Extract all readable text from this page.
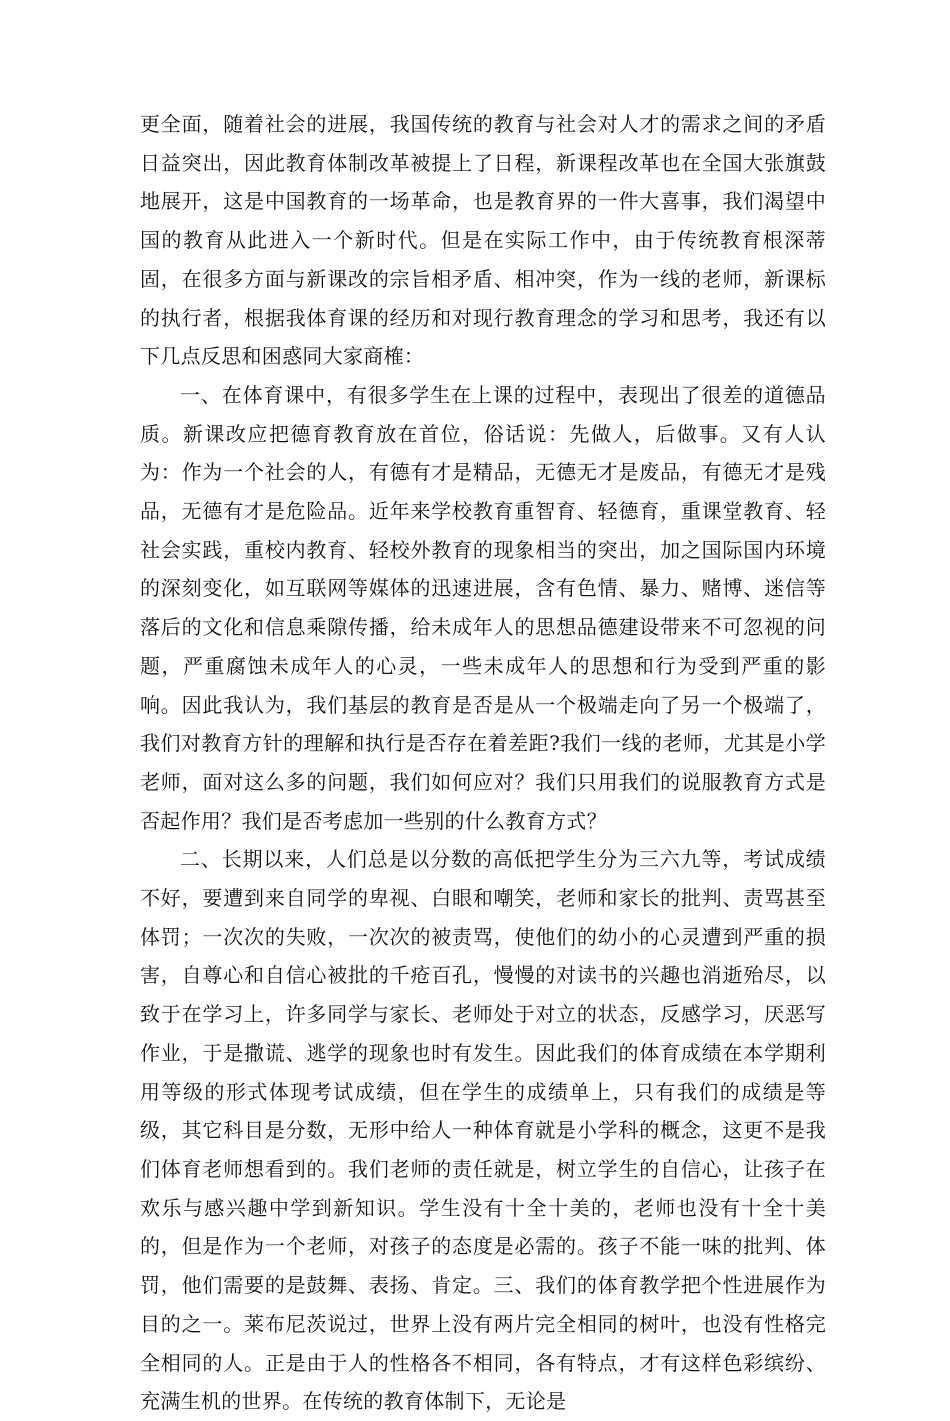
更全面，随着社会的进展，我国传统的教育与社会对人才的需求之间的矛盾日益突出，因此教育体制改革被提上了日程，新课程改革也在全国大张旗鼓地展开，这是中国教育的一场革命，也是教育界的一件大喜事，我们渴望中国的教育从此进入一个新时代。但是在实际工作中，由于传统教育根深蒂固，在很多方面与新课改的宗旨相矛盾、相冲突，作为一线的老师，新课标的执行者，根据我体育课的经历和对现行教育理念的学习和思考，我还有以下几点反思和困惑同大家商榷：

一、在体育课中，有很多学生在上课的过程中，表现出了很差的道德品质。新课改应把德育教育放在首位，俗话说：先做人，后做事。又有人认为：作为一个社会的人，有德有才是精品，无德无才是废品，有德无才是残品，无德有才是危险品。近年来学校教育重智育、轻德育，重课堂教育、轻社会实践，重校内教育、轻校外教育的现象相当的突出，加之国际国内环境的深刻变化，如互联网等媒体的迅速进展，含有色情、暴力、赌博、迷信等落后的文化和信息乘隙传播，给未成年人的思想品德建设带来不可忽视的问题，严重腐蚀未成年人的心灵，一些未成年人的思想和行为受到严重的影响。因此我认为，我们基层的教育是否是从一个极端走向了另一个极端了，我们对教育方针的理解和执行是否存在着差距?我们一线的老师，尤其是小学老师，面对这么多的问题，我们如何应对？我们只用我们的说服教育方式是否起作用？我们是否考虑加一些别的什么教育方式？

二、长期以来，人们总是以分数的高低把学生分为三六九等，考试成绩不好，要遭到来自同学的卑视、白眼和嘲笑，老师和家长的批判、责骂甚至体罚；一次次的失败，一次次的被责骂，使他们的幼小的心灵遭到严重的损害，自尊心和自信心被批的千疮百孔，慢慢的对读书的兴趣也消逝殆尽，以致于在学习上，许多同学与家长、老师处于对立的状态，反感学习，厌恶写作业，于是撒谎、逃学的现象也时有发生。因此我们的体育成绩在本学期利用等级的形式体现考试成绩，但在学生的成绩单上，只有我们的成绩是等级，其它科目是分数，无形中给人一种体育就是小学科的概念，这更不是我们体育老师想看到的。我们老师的责任就是，树立学生的自信心，让孩子在欢乐与感兴趣中学到新知识。学生没有十全十美的，老师也没有十全十美的，但是作为一个老师，对孩子的态度是必需的。孩子不能一味的批判、体罚，他们需要的是鼓舞、表扬、肯定。三、我们的体育教学把个性进展作为目的之一。莱布尼茨说过，世界上没有两片完全相同的树叶，也没有性格完全相同的人。正是由于人的性格各不相同，各有特点，才有这样色彩缤纷、充满生机的世界。在传统的教育体制下，无论是
